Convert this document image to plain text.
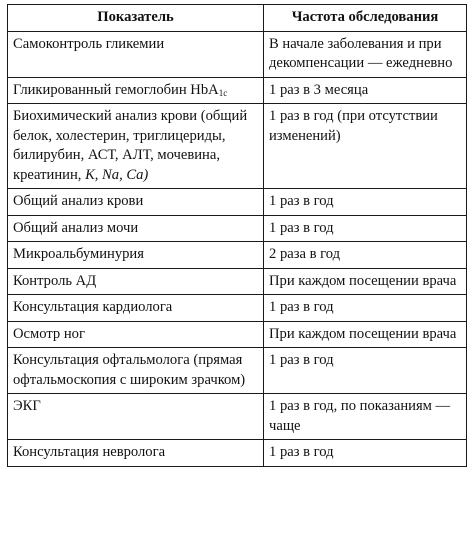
Показатель	Частота обследования
Самоконтроль гликемии	В начале заболевания и при декомпенсации — ежедневно
Гликированный гемоглобин HbA$_{1c}$	1 раз в 3 месяца
Биохимический анализ крови (общий белок, холестерин, триглицериды, билирубин, АСТ, АЛТ, мочевина, креатинин, К, Na, Ca)	1 раз в год (при отсутствии изменений)
Общий анализ крови	1 раз в год
Общий анализ мочи	1 раз в год
Микроальбуминурия	2 раза в год
Контроль АД	При каждом посещении врача
Консультация кардиолога	1 раз в год
Осмотр ног	При каждом посещении врача
Консультация офтальмолога (прямая офтальмоскопия с широким зрачком)	1 раз в год
ЭКГ	1 раз в год, по показаниям — чаще
Консультация невролога	1 раз в год
